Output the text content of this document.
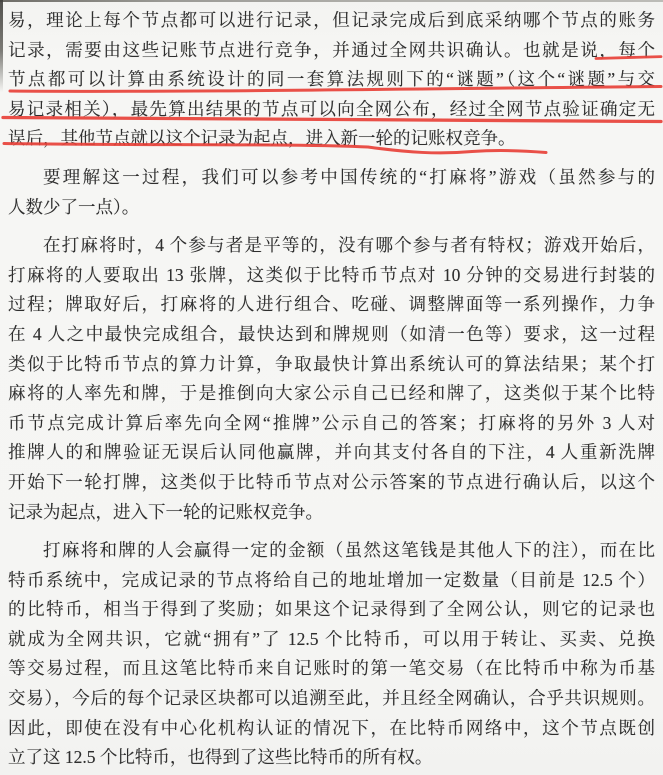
易，理论上每个节点都可以进行记录，但记录完成后到底采纳哪个节点的账务
记录，需要由这些记账节点进行竞争，并通过全网共识确认。也就是说，每个
节点都可以计算由系统设计的同一套算法规则下的“谜题”（这个“谜题”与交
易记录相关），最先算出结果的节点可以向全网公布，经过全网节点验证确定无
误后，其他节点就以这个记录为起点，进入新一轮的记账权竞争。

要理解这一过程，我们可以参考中国传统的“打麻将”游戏（虽然参与的
人数少了一点）。

在打麻将时，4 个参与者是平等的，没有哪个参与者有特权；游戏开始后，
打麻将的人要取出 13 张牌，这类似于比特币节点对 10 分钟的交易进行封装的
过程；牌取好后，打麻将的人进行组合、吃碰、调整牌面等一系列操作，力争
在 4 人之中最快完成组合，最快达到和牌规则（如清一色等）要求，这一过程
类似于比特币节点的算力计算，争取最快计算出系统认可的算法结果；某个打
麻将的人率先和牌，于是推倒向大家公示自己已经和牌了，这类似于某个比特
币节点完成计算后率先向全网“推牌”公示自己的答案；打麻将的另外 3 人对
推牌人的和牌验证无误后认同他赢牌，并向其支付各自的下注，4 人重新洗牌
开始下一轮打牌，这类似于比特币节点对公示答案的节点进行确认后，以这个
记录为起点，进入下一轮的记账权竞争。

打麻将和牌的人会赢得一定的金额（虽然这笔钱是其他人下的注），而在比
特币系统中，完成记录的节点将给自己的地址增加一定数量（目前是 12.5 个）
的比特币，相当于得到了奖励；如果这个记录得到了全网公认，则它的记录也
就成为全网共识，它就“拥有”了 12.5 个比特币，可以用于转让、买卖、兑换
等交易过程，而且这笔比特币来自记账时的第一笔交易（在比特币中称为币基
交易），今后的每个记录区块都可以追溯至此，并且经全网确认，合乎共识规则。
因此，即使在没有中心化机构认证的情况下，在比特币网络中，这个节点既创
立了这 12.5 个比特币，也得到了这些比特币的所有权。
